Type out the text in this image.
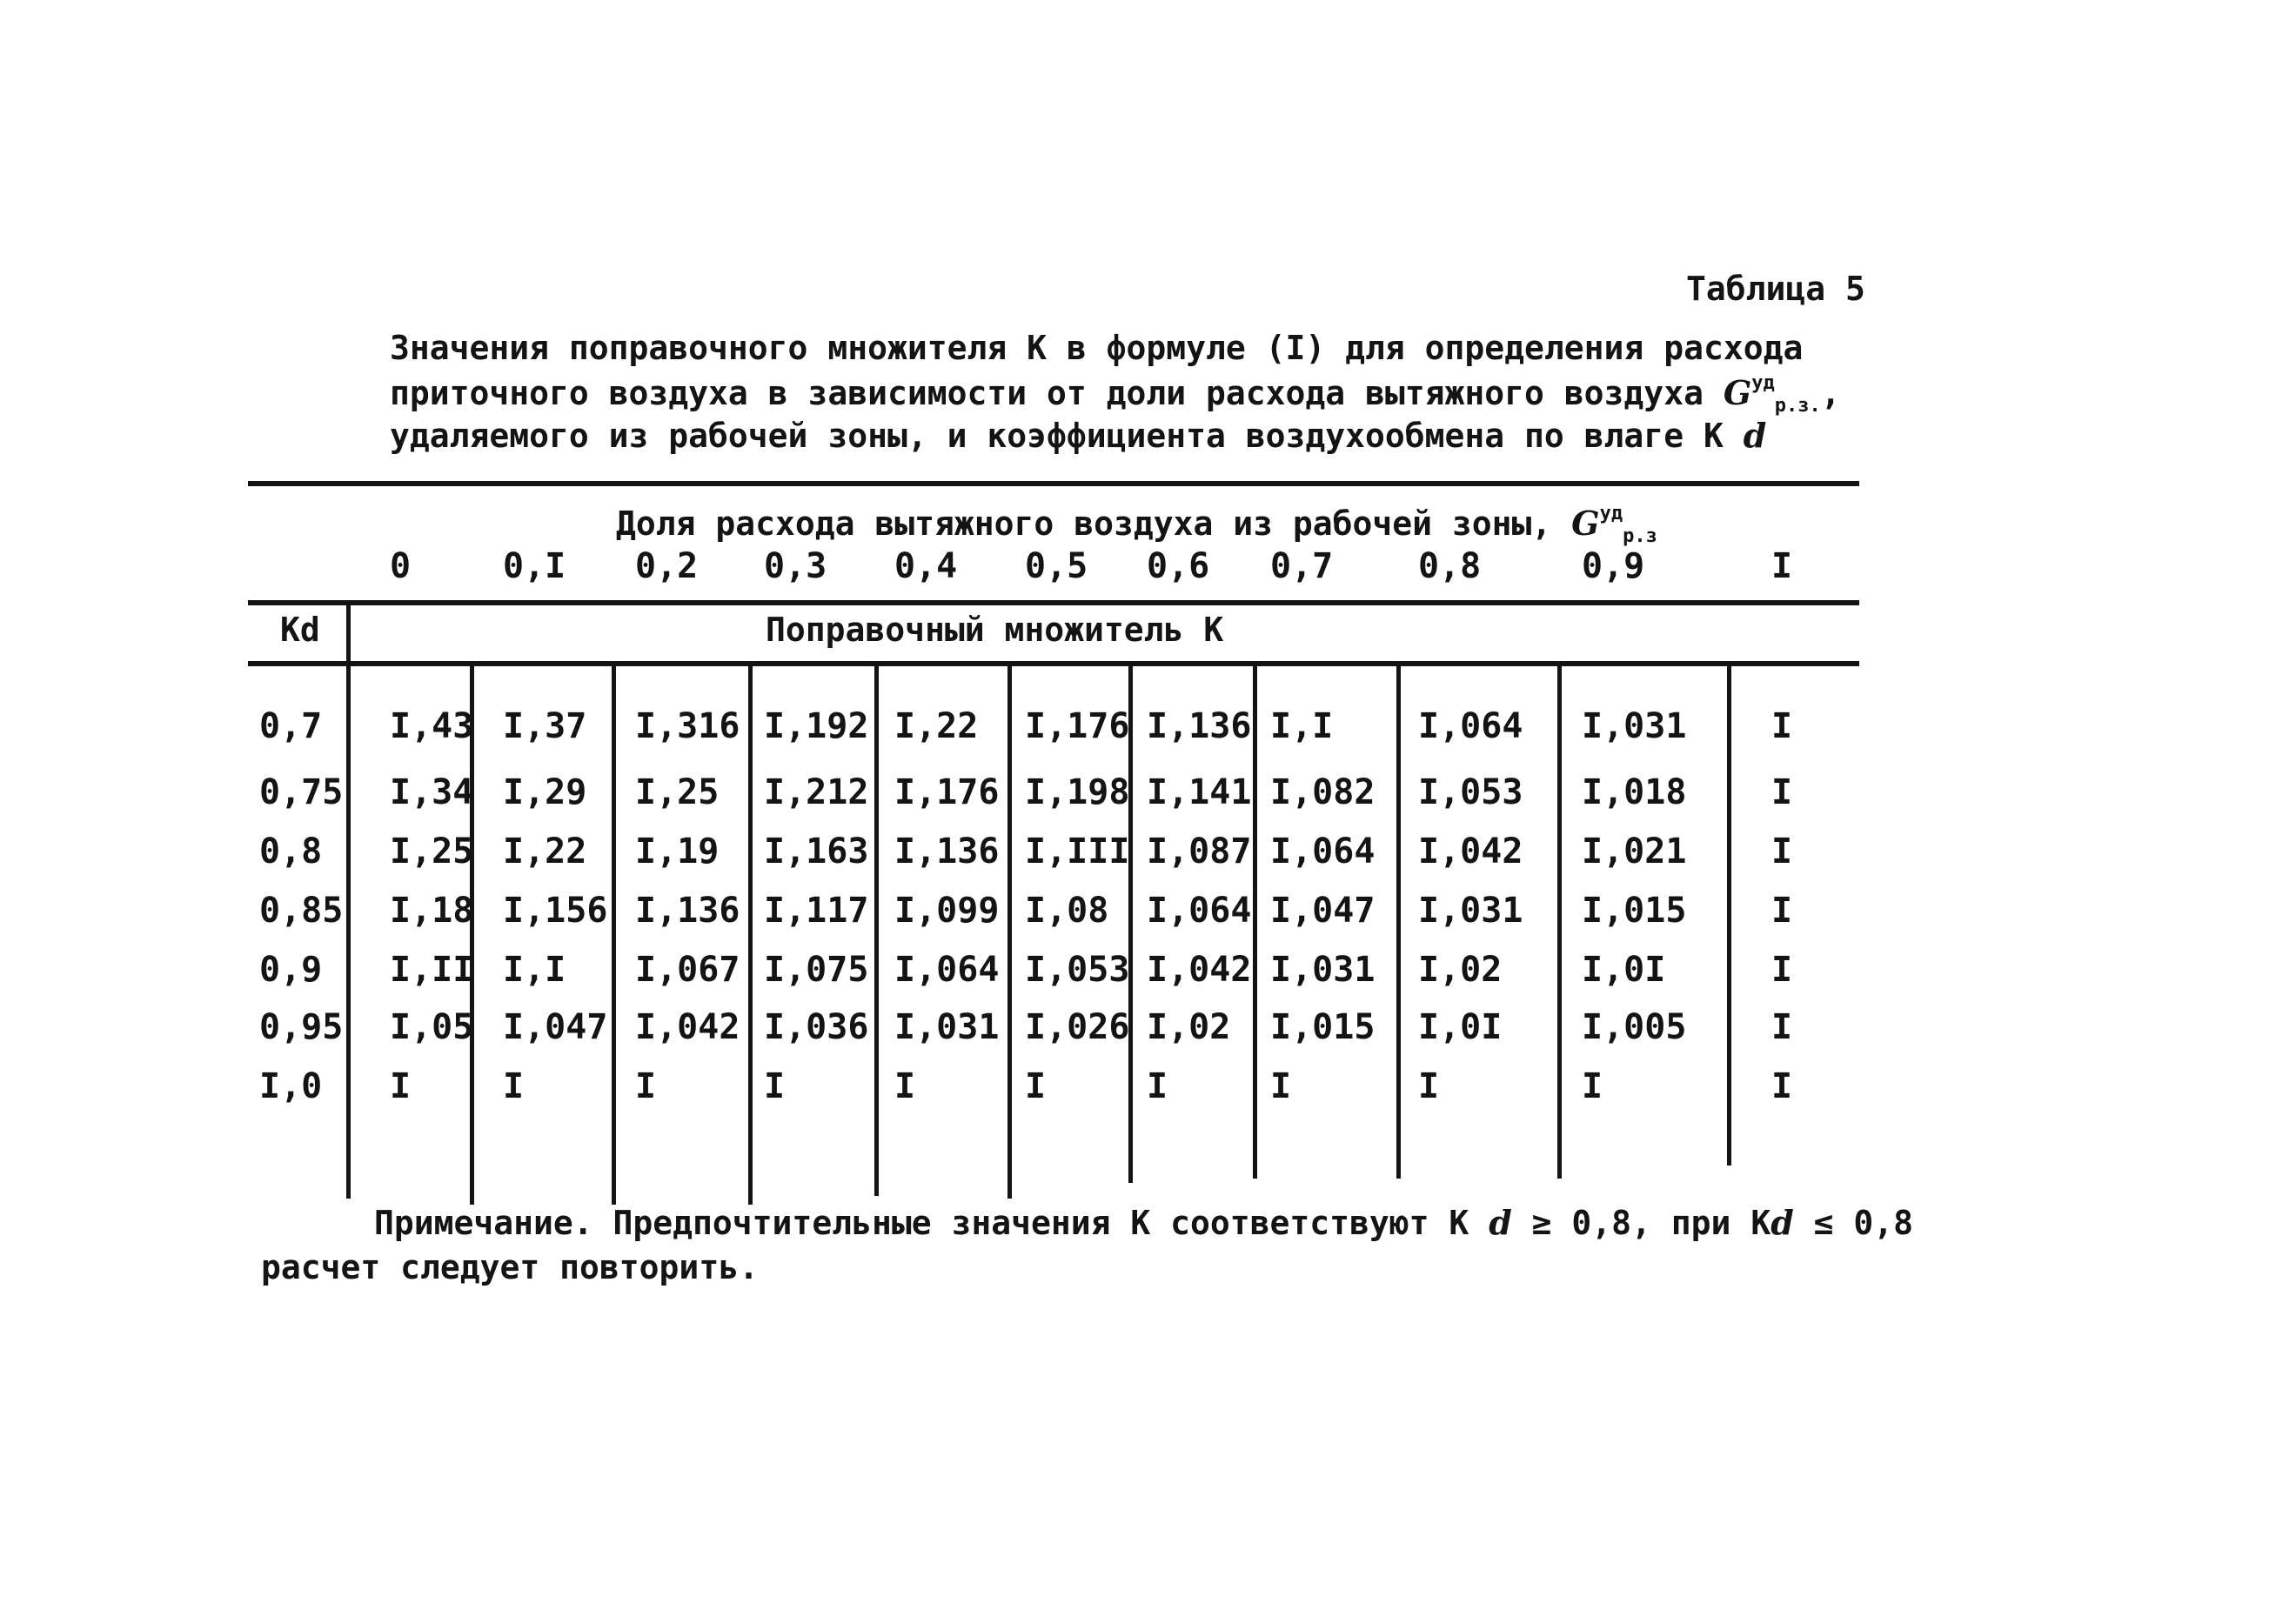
Таблица 5
Значения поправочного множителя К в формуле (I) для определения расхода
приточного воздуха в зависимости от доли расхода вытяжного воздуха $G^{уд}_{р.з.}$,
удаляемого из рабочей зоны, и коэффициента воздухообмена по влаге К d
Доля расхода вытяжного воздуха из рабочей зоны, $G^{уд}_{р.з}$
0	0,I 0,2 0,3 0,4 0,5 0,6 0,7 0,8	0,9	I
Кd	Поправочный множитель К
0,7 I,43 I,37 I,316 I,192 I,22 I,176 I,136 I,I I,064 I,031 I
0,75 I,34 I,29 I,25 I,212 I,176 I,198 I,141 I,082 I,053 I,018 I
0,8 I,25 I,22 I,19 I,163 I,136 I,III I,087 I,064 I,042 I,021 I
0,85 I,18 I,156 I,136 I,117 I,099 I,08 I,064 I,047 I,031 I,015 I
0,9 I,II I,I I,067 I,075 I,064 I,053 I,042 I,031 I,02 I,0I	I
0,95 I,05 I,047 I,042 I,036 I,031 I,026 I,02 I,015 I,0I I,005 I
I,0 I	I	I	I	I	I	I	I	I	I	I
Примечание. Предпочтительные значения К соответствуют К d ≥ 0,8, при Кd ≤ 0,8
расчет следует повторить.
